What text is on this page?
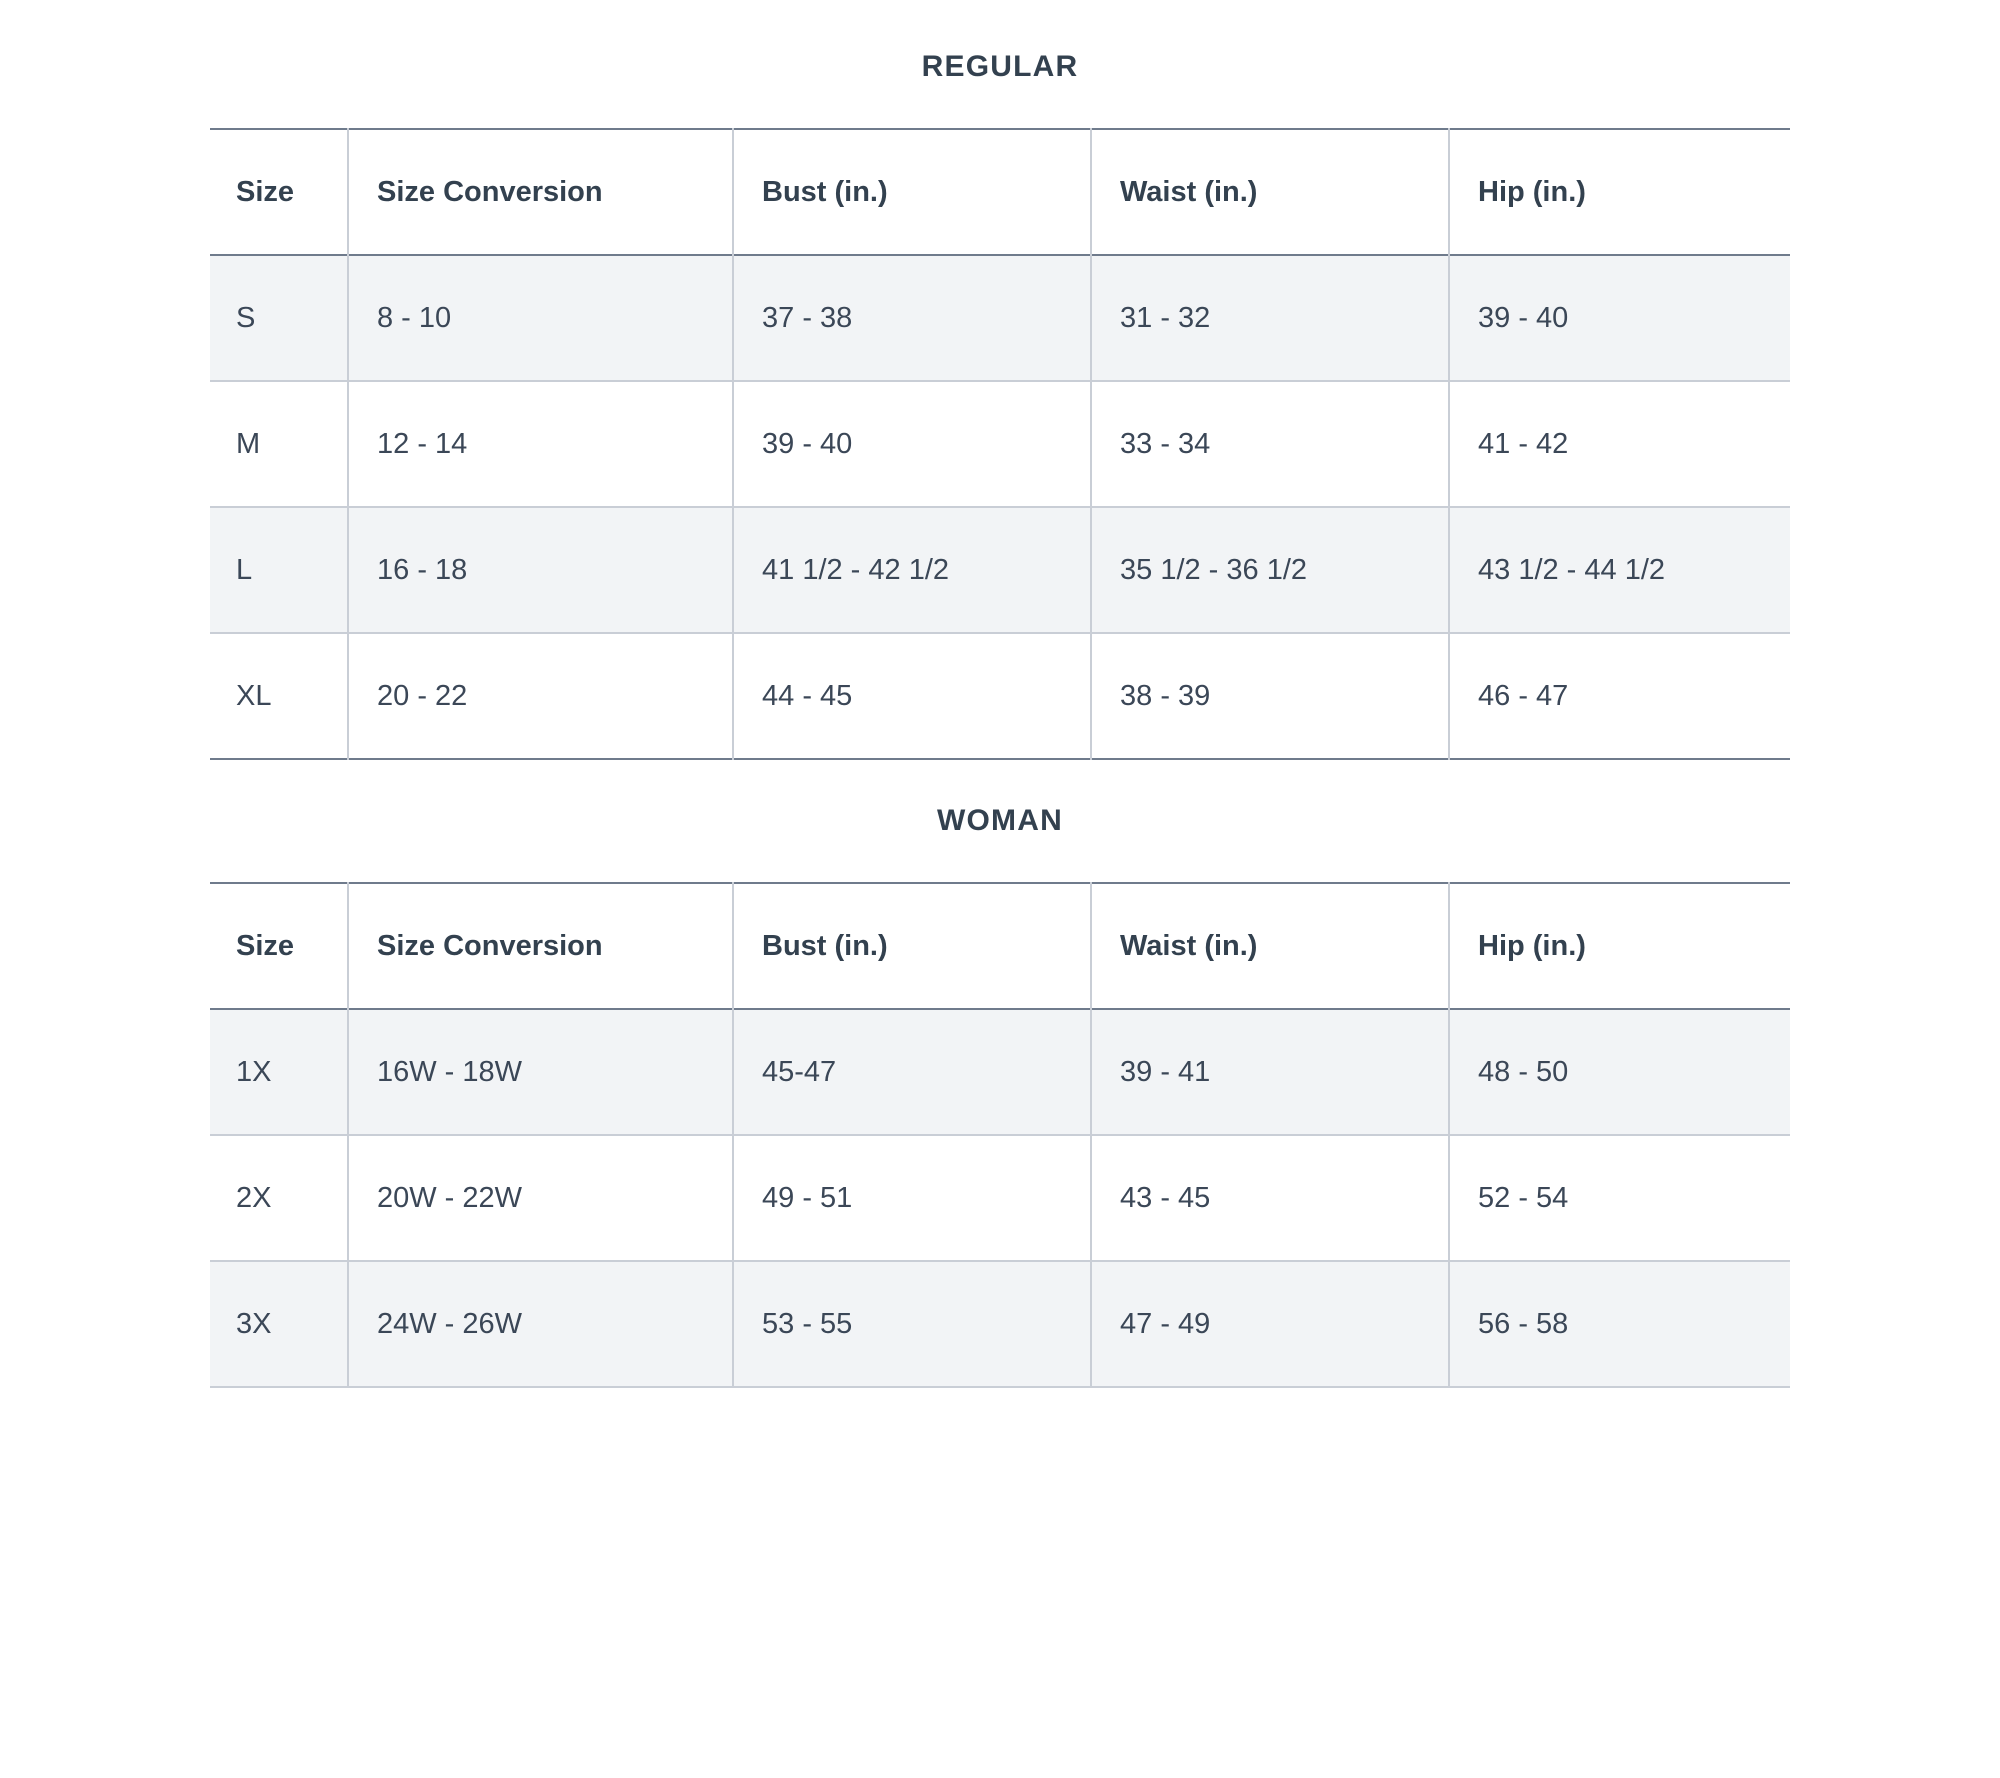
REGULAR
Size	Size Conversion	Bust (in.)	Waist (in.)	Hip (in.)
S	8 - 10	37 - 38	31 - 32	39 - 40
M	12 - 14	39 - 40	33 - 34	41 - 42
L	16 - 18	41 1/2 - 42 1/2	35 1/2 - 36 1/2	43 1/2 - 44 1/2
XL	20 - 22	44 - 45	38 - 39	46 - 47
WOMAN
Size	Size Conversion	Bust (in.)	Waist (in.)	Hip (in.)
1X	16W - 18W	45-47	39 - 41	48 - 50
2X	20W - 22W	49 - 51	43 - 45	52 - 54
3X	24W - 26W	53 - 55	47 - 49	56 - 58
